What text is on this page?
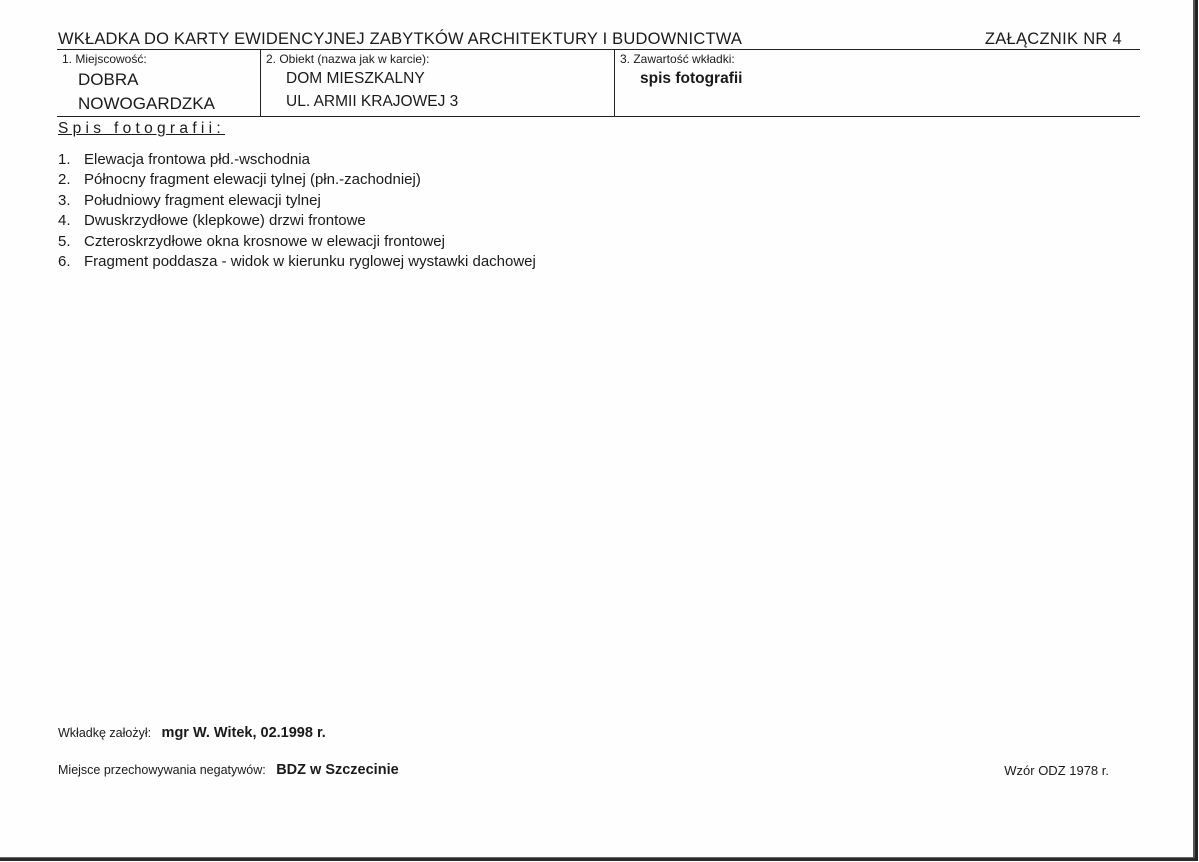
WKŁADKA DO KARTY EWIDENCYJNEJ ZABYTKÓW ARCHITEKTURY I BUDOWNICTWA	ZAŁĄCZNIK NR 4
1. Miejscowość:
DOBRA
NOWOGARDZKA
2. Obiekt (nazwa jak w karcie):
DOM MIESZKALNY
UL. ARMII KRAJOWEJ 3
3. Zawartość wkładki:
spis fotografii
Spis fotografii:
1. Elewacja frontowa płd.-wschodnia
2. Północny fragment elewacji tylnej (płn.-zachodniej)
3. Południowy fragment elewacji tylnej
4. Dwuskrzydłowe (klepkowe) drzwi frontowe
5. Czteroskrzydłowe okna krosnowe w elewacji frontowej
6. Fragment poddasza - widok w kierunku ryglowej wystawki dachowej
Wkładkę założył: mgr W. Witek, 02.1998 r.
Miejsce przechowywania negatywów: BDZ w Szczecinie	Wzór ODZ 1978 r.
